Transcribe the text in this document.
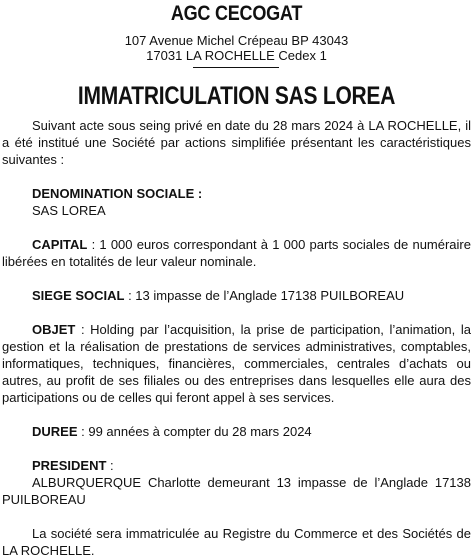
AGC CECOGAT
107 Avenue Michel Crépeau BP 43043
17031 LA ROCHELLE Cedex 1
IMMATRICULATION SAS LOREA

Suivant acte sous seing privé en date du 28 mars 2024 à LA ROCHELLE, il a été institué une Société par actions simplifiée présentant les caractéristiques suivantes :

DENOMINATION SOCIALE :
SAS LOREA

CAPITAL : 1 000 euros correspondant à 1 000 parts sociales de numéraire libérées en totalités de leur valeur nominale.

SIEGE SOCIAL : 13 impasse de l’Anglade 17138 PUILBOREAU

OBJET : Holding par l’acquisition, la prise de participation, l’animation, la gestion et la réalisation de prestations de services administratives, comptables, informatiques, techniques, financières, commerciales, centrales d’achats ou autres, au profit de ses filiales ou des entreprises dans lesquelles elle aura des participations ou de celles qui feront appel à ses services.

DUREE : 99 années à compter du 28 mars 2024

PRESIDENT :

ALBURQUERQUE Charlotte demeurant 13 impasse de l’Anglade 17138 PUILBOREAU

La société sera immatriculée au Registre du Commerce et des Sociétés de LA ROCHELLE.
